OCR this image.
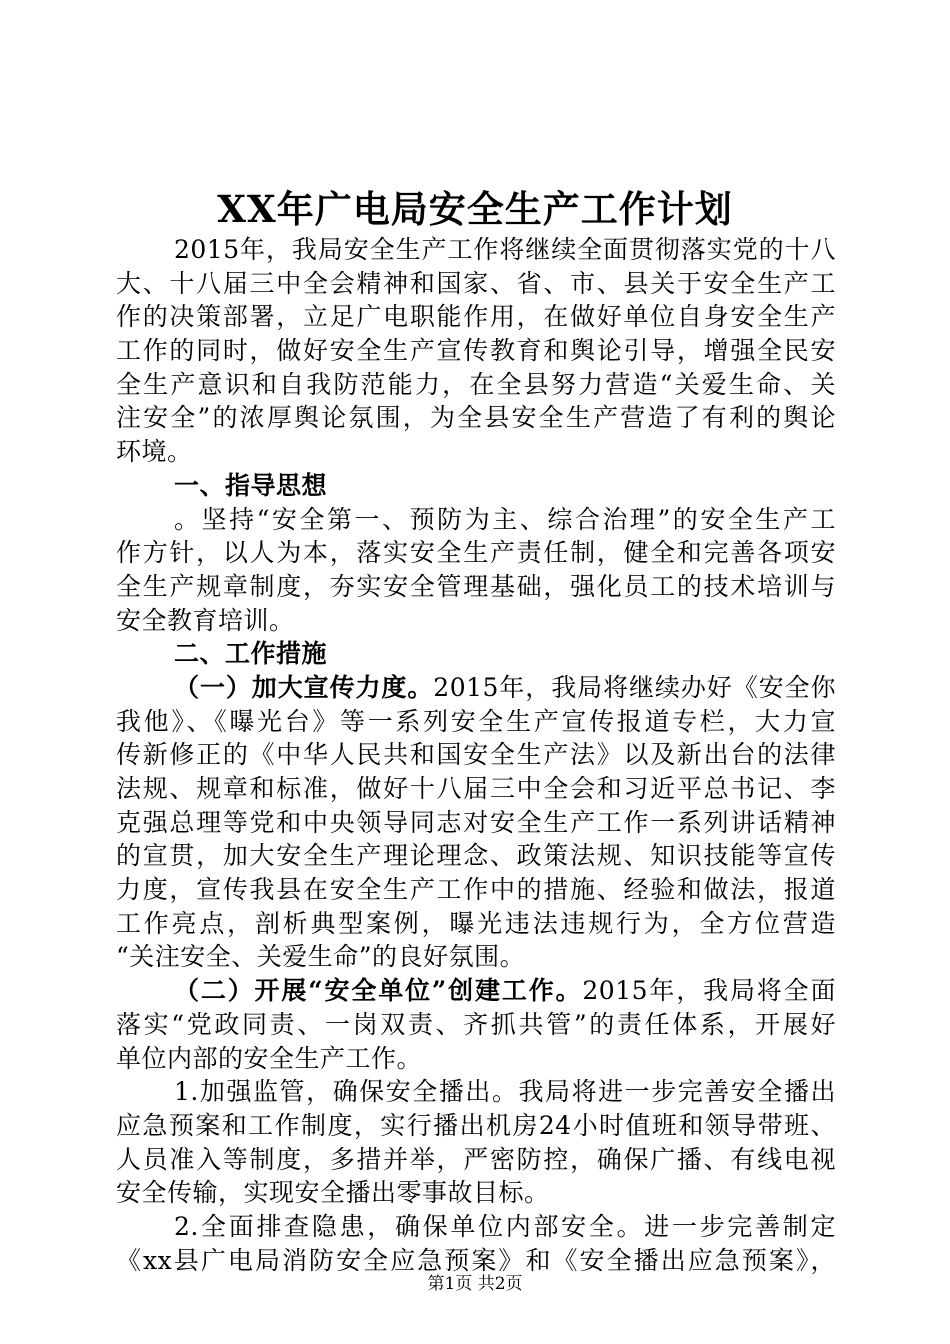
XX年广电局安全生产工作计划
2015年，我局安全生产工作将继续全面贯彻落实党的十八
大、十八届三中全会精神和国家、省、市、县关于安全生产工
作的决策部署，立足广电职能作用，在做好单位自身安全生产
工作的同时，做好安全生产宣传教育和舆论引导，增强全民安
全生产意识和自我防范能力，在全县努力营造“关爱生命、关
注安全”的浓厚舆论氛围，为全县安全生产营造了有利的舆论
环境。
一、指导思想
。坚持“安全第一、预防为主、综合治理”的安全生产工
作方针，以人为本，落实安全生产责任制，健全和完善各项安
全生产规章制度，夯实安全管理基础，强化员工的技术培训与
安全教育培训。
二、工作措施
（一）加大宣传力度。2015年，我局将继续办好《安全你
我他》、《曝光台》等一系列安全生产宣传报道专栏，大力宣
传新修正的《中华人民共和国安全生产法》以及新出台的法律
法规、规章和标准，做好十八届三中全会和习近平总书记、李
克强总理等党和中央领导同志对安全生产工作一系列讲话精神
的宣贯，加大安全生产理论理念、政策法规、知识技能等宣传
力度，宣传我县在安全生产工作中的措施、经验和做法，报道
工作亮点，剖析典型案例，曝光违法违规行为，全方位营造
“关注安全、关爱生命”的良好氛围。
（二）开展“安全单位”创建工作。2015年，我局将全面
落实“党政同责、一岗双责、齐抓共管”的责任体系，开展好
单位内部的安全生产工作。
1.加强监管，确保安全播出。我局将进一步完善安全播出
应急预案和工作制度，实行播出机房24小时值班和领导带班、
人员准入等制度，多措并举，严密防控，确保广播、有线电视
安全传输，实现安全播出零事故目标。
2.全面排查隐患，确保单位内部安全。进一步完善制定
《xx县广电局消防安全应急预案》和《安全播出应急预案》，
第1页 共2页
